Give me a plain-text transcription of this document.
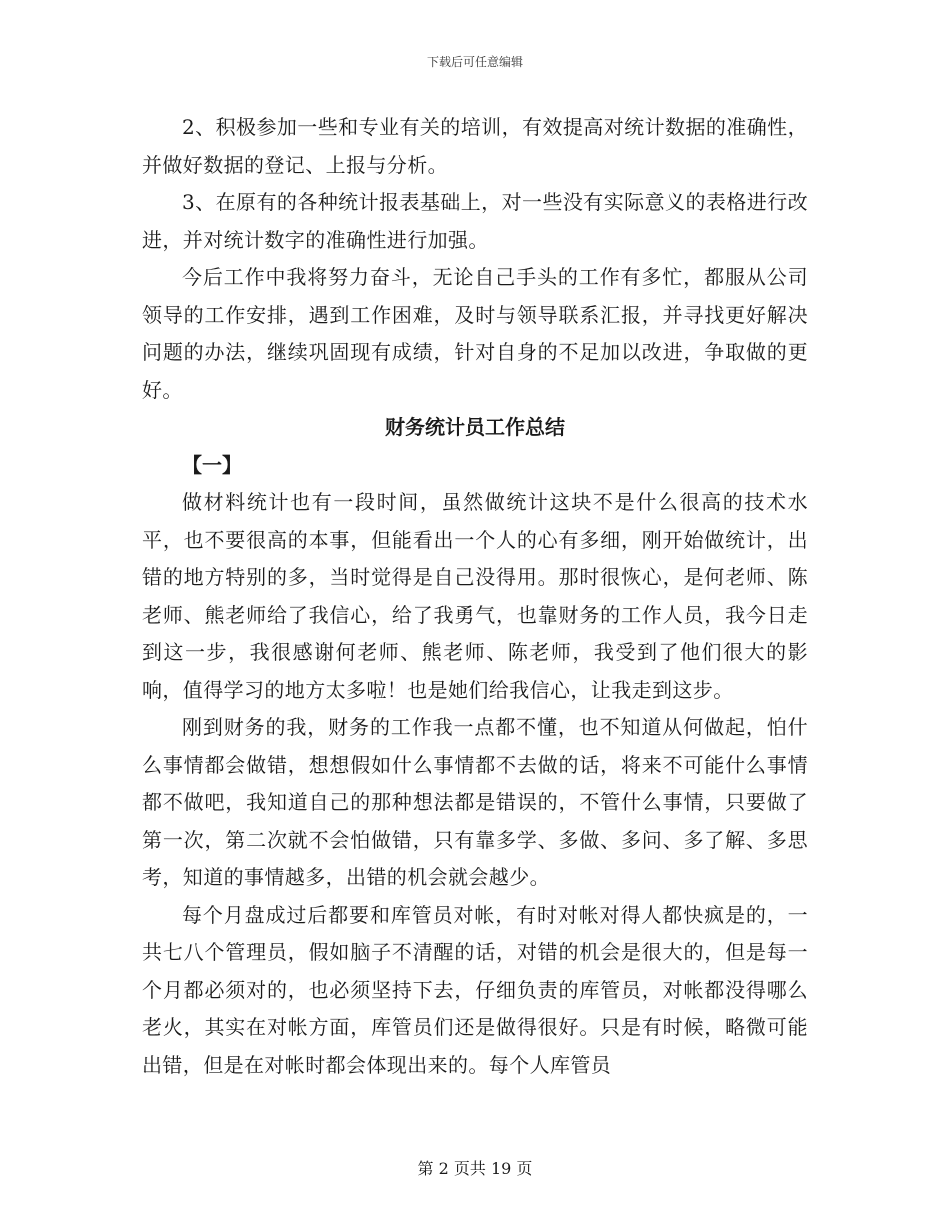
下载后可任意编辑

2、积极参加一些和专业有关的培训，有效提高对统计数据的准确性，并做好数据的登记、上报与分析。

3、在原有的各种统计报表基础上，对一些没有实际意义的表格进行改进，并对统计数字的准确性进行加强。

今后工作中我将努力奋斗，无论自己手头的工作有多忙，都服从公司领导的工作安排，遇到工作困难，及时与领导联系汇报，并寻找更好解决问题的办法，继续巩固现有成绩，针对自身的不足加以改进，争取做的更好。

财务统计员工作总结

【一】

做材料统计也有一段时间，虽然做统计这块不是什么很高的技术水平，也不要很高的本事，但能看出一个人的心有多细，刚开始做统计，出错的地方特别的多，当时觉得是自己没得用。那时很恢心，是何老师、陈老师、熊老师给了我信心，给了我勇气，也靠财务的工作人员，我今日走到这一步，我很感谢何老师、熊老师、陈老师，我受到了他们很大的影响，值得学习的地方太多啦！也是她们给我信心，让我走到这步。

刚到财务的我，财务的工作我一点都不懂，也不知道从何做起，怕什么事情都会做错，想想假如什么事情都不去做的话，将来不可能什么事情都不做吧，我知道自己的那种想法都是错误的，不管什么事情，只要做了第一次，第二次就不会怕做错，只有靠多学、多做、多问、多了解、多思考，知道的事情越多，出错的机会就会越少。

每个月盘成过后都要和库管员对帐，有时对帐对得人都快疯是的，一共七八个管理员，假如脑子不清醒的话，对错的机会是很大的，但是每一个月都必须对的，也必须坚持下去，仔细负责的库管员，对帐都没得哪么老火，其实在对帐方面，库管员们还是做得很好。只是有时候，略微可能出错，但是在对帐时都会体现出来的。每个人库管员

第 2 页共 19 页
